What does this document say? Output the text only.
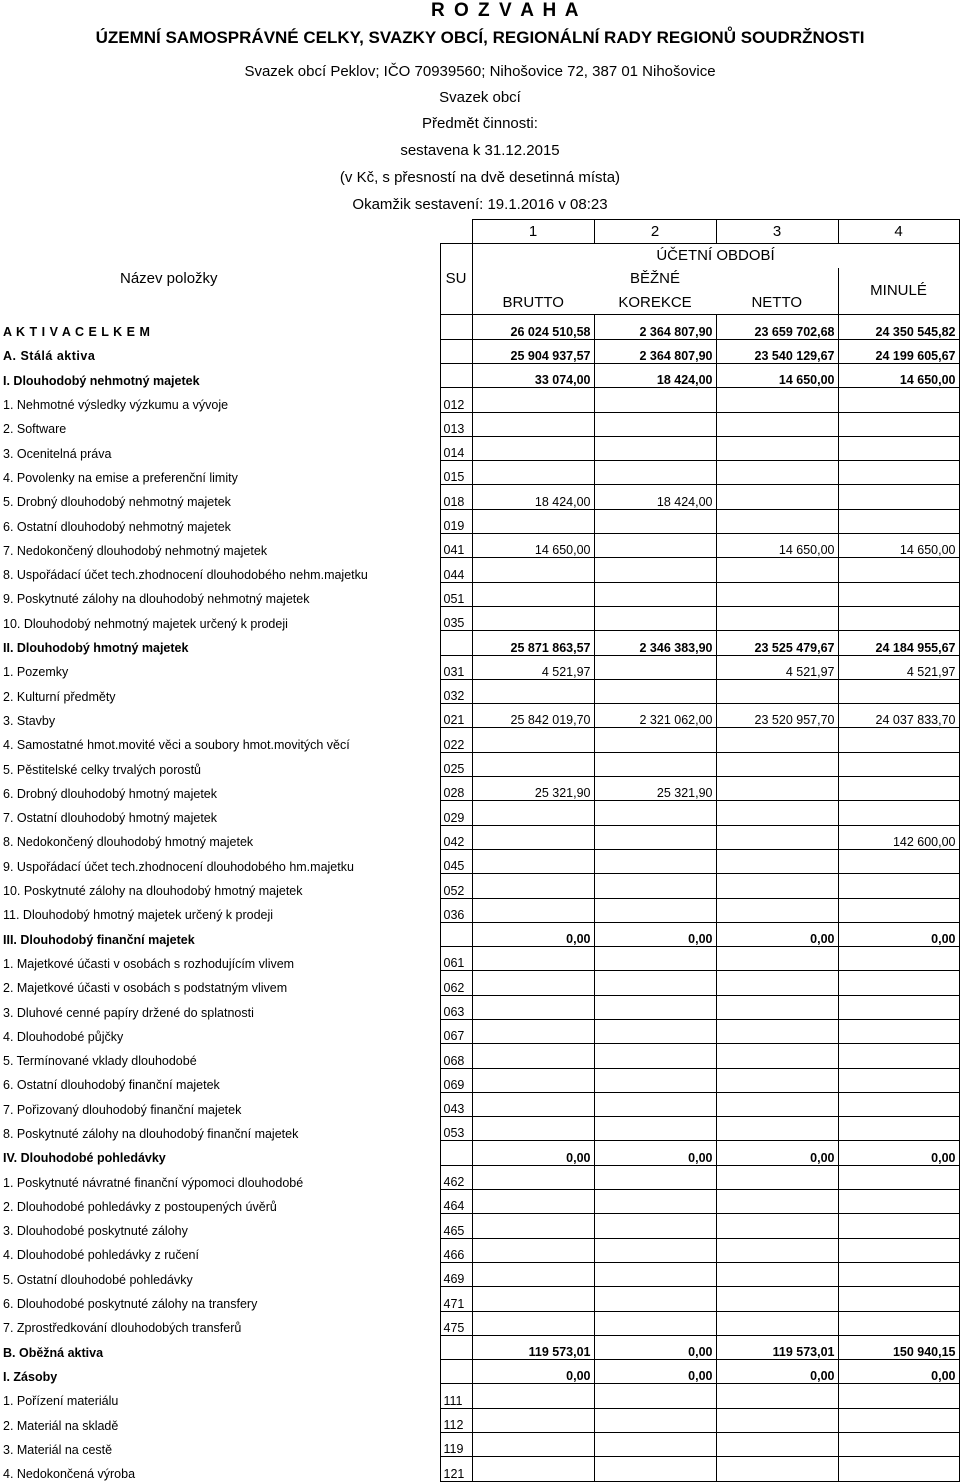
R O Z V A H A
ÚZEMNÍ SAMOSPRÁVNÉ CELKY, SVAZKY OBCÍ, REGIONÁLNÍ RADY REGIONŮ SOUDRŽNOSTI
Svazek obcí Peklov; IČO 70939560; Nihošovice 72, 387 01 Nihošovice
Svazek obcí
Předmět činnosti:
sestavena k 31.12.2015
(v Kč, s přesností na dvě desetinná místa)
Okamžik sestavení: 19.1.2016 v 08:23
		1	2	3	4
Název položky	SU	ÚČETNÍ OBDOBÍ			
		BĚŽNÉ			MINULÉ
		BRUTTO	KOREKCE	NETTO	
A K T I V A C E L K E M		26 024 510,58	2 364 807,90	23 659 702,68	24 350 545,82
A. Stálá aktiva		25 904 937,57	2 364 807,90	23 540 129,67	24 199 605,67
I. Dlouhodobý nehmotný majetek		33 074,00	18 424,00	14 650,00	14 650,00
1. Nehmotné výsledky výzkumu a vývoje	012				
2. Software	013				
3. Ocenitelná práva	014				
4. Povolenky na emise a preferenční limity	015				
5. Drobný dlouhodobý nehmotný majetek	018	18 424,00	18 424,00		
6. Ostatní dlouhodobý nehmotný majetek	019				
7. Nedokončený dlouhodobý nehmotný majetek	041	14 650,00		14 650,00	14 650,00
8. Uspořádací účet tech.zhodnocení dlouhodobého nehm.majetku	044				
9. Poskytnuté zálohy na dlouhodobý nehmotný majetek	051				
10. Dlouhodobý nehmotný majetek určený k prodeji	035				
II. Dlouhodobý hmotný majetek		25 871 863,57	2 346 383,90	23 525 479,67	24 184 955,67
1. Pozemky	031	4 521,97		4 521,97	4 521,97
2. Kulturní předměty	032				
3. Stavby	021	25 842 019,70	2 321 062,00	23 520 957,70	24 037 833,70
4. Samostatné hmot.movité věci a soubory hmot.movitých věcí	022				
5. Pěstitelské celky trvalých porostů	025				
6. Drobný dlouhodobý hmotný majetek	028	25 321,90	25 321,90		
7. Ostatní dlouhodobý hmotný majetek	029				
8. Nedokončený dlouhodobý hmotný majetek	042				142 600,00
9. Uspořádací účet tech.zhodnocení dlouhodobého hm.majetku	045				
10. Poskytnuté zálohy na dlouhodobý hmotný majetek	052				
11. Dlouhodobý hmotný majetek určený k prodeji	036				
III. Dlouhodobý finanční majetek		0,00	0,00	0,00	0,00
1. Majetkové účasti v osobách s rozhodujícím vlivem	061				
2. Majetkové účasti v osobách s podstatným vlivem	062				
3. Dluhové cenné papíry držené do splatnosti	063				
4. Dlouhodobé půjčky	067				
5. Termínované vklady dlouhodobé	068				
6. Ostatní dlouhodobý finanční majetek	069				
7. Pořizovaný dlouhodobý finanční majetek	043				
8. Poskytnuté zálohy na dlouhodobý finanční majetek	053				
IV. Dlouhodobé pohledávky		0,00	0,00	0,00	0,00
1. Poskytnuté návratné finanční výpomoci dlouhodobé	462				
2. Dlouhodobé pohledávky z postoupených úvěrů	464				
3. Dlouhodobé poskytnuté zálohy	465				
4. Dlouhodobé pohledávky z ručení	466				
5. Ostatní dlouhodobé pohledávky	469				
6. Dlouhodobé poskytnuté zálohy na transfery	471				
7. Zprostředkování dlouhodobých transferů	475				
B. Oběžná aktiva		119 573,01	0,00	119 573,01	150 940,15
I. Zásoby		0,00	0,00	0,00	0,00
1. Pořízení materiálu	111				
2. Materiál na skladě	112				
3. Materiál na cestě	119				
4. Nedokončená výroba	121				
